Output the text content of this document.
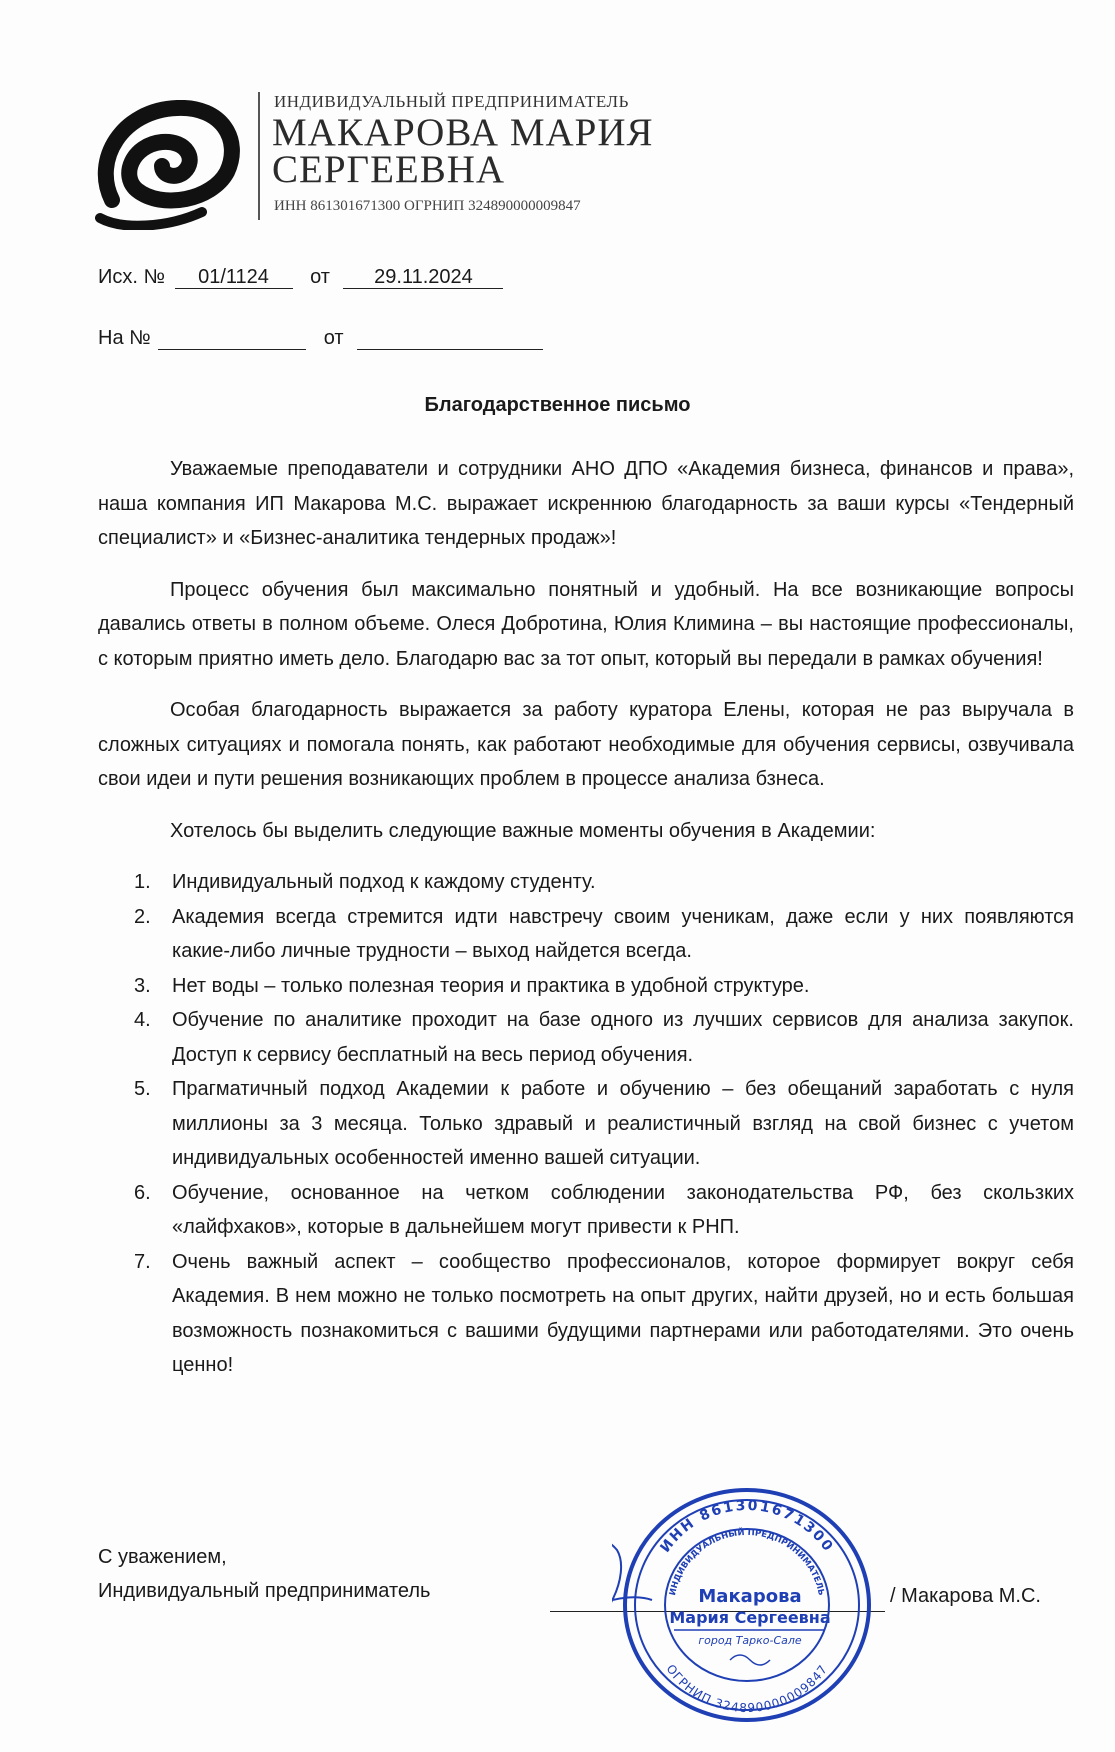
ИНДИВИДУАЛЬНЫЙ ПРЕДПРИНИМАТЕЛЬ
МАКАРОВА МАРИЯ
СЕРГЕЕВНА
ИНН 861301671300 ОГРНИП 324890000009847
Исх. № 01/1124 от 29.11.2024
На №	от
Благодарственное письмо

Уважаемые преподаватели и сотрудники АНО ДПО «Академия бизнеса, финансов и права», наша компания ИП Макарова М.С. выражает искреннюю благодарность за ваши курсы «Тендерный специалист» и «Бизнес-аналитика тендерных продаж»!

Процесс обучения был максимально понятный и удобный. На все возникающие вопросы давались ответы в полном объеме. Олеся Добротина, Юлия Климина – вы настоящие профессионалы, с которым приятно иметь дело. Благодарю вас за тот опыт, который вы передали в рамках обучения!

Особая благодарность выражается за работу куратора Елены, которая не раз выручала в сложных ситуациях и помогала понять, как работают необходимые для обучения сервисы, озвучивала свои идеи и пути решения возникающих проблем в процессе анализа бзнеса.

Хотелось бы выделить следующие важные моменты обучения в Академии:

1.	Индивидуальный подход к каждому студенту.
2.	Академия всегда стремится идти навстречу своим ученикам, даже если у них появляются какие-либо личные трудности – выход найдется всегда.
3.	Нет воды – только полезная теория и практика в удобной структуре.
4.	Обучение по аналитике проходит на базе одного из лучших сервисов для анализа закупок. Доступ к сервису бесплатный на весь период обучения.
5.	Прагматичный подход Академии к работе и обучению – без обещаний заработать с нуля миллионы за 3 месяца. Только здравый и реалистичный взгляд на свой бизнес с учетом индивидуальных особенностей именно вашей ситуации.
6.	Обучение, основанное на четком соблюдении законодательства РФ, без скользких «лайфхаков», которые в дальнейшем могут привести к РНП.
7.	Очень важный аспект – сообщество профессионалов, которое формирует вокруг себя Академия. В нем можно не только посмотреть на опыт других, найти друзей, но и есть большая возможность познакомиться с вашими будущими партнерами или работодателями. Это очень ценно!
С уважением,
Индивидуальный предприниматель	/ Макарова М.С.
ИНН 861301671300
ОГРНИП 324890000009847
ИНДИВИДУАЛЬНЫЙ ПРЕДПРИНИМАТЕЛЬ
Макарова
Мария Сергеевна
город Тарко-Сале
